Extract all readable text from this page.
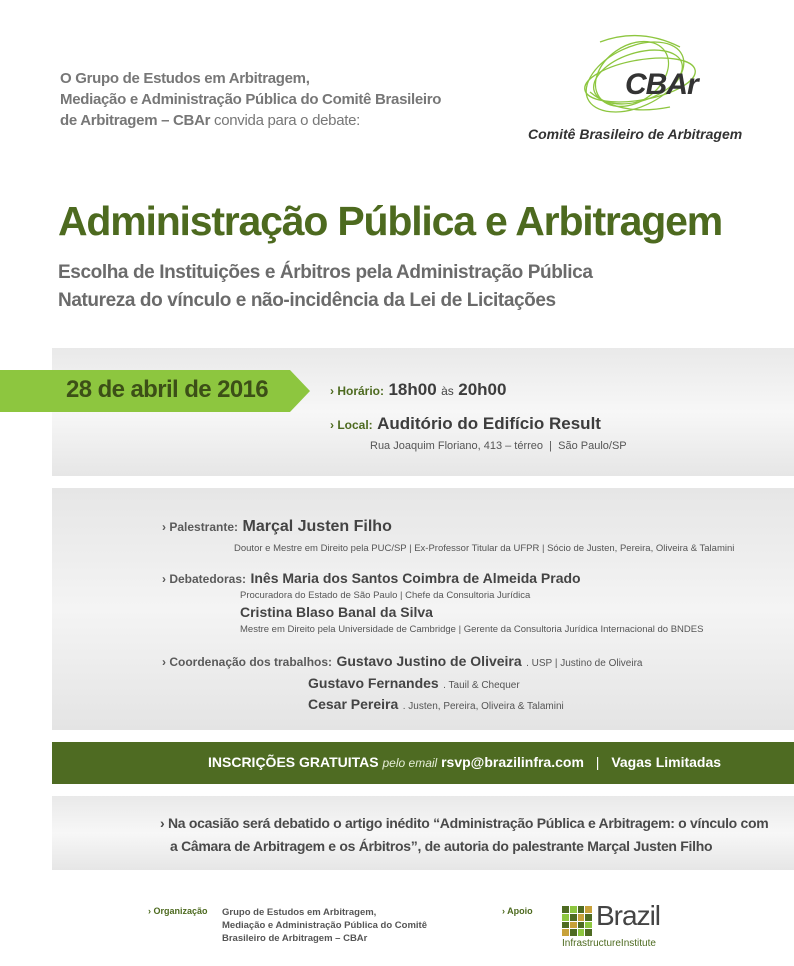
O Grupo de Estudos em Arbitragem,
Mediação e Administração Pública do Comitê Brasileiro
de Arbitragem – CBAr convida para o debate:
CBAr
Comitê Brasileiro de Arbitragem
Administração Pública e Arbitragem
Escolha de Instituições e Árbitros pela Administração Pública
Natureza do vínculo e não-incidência da Lei de Licitações
28 de abril de 2016	› Horário: 18h00 às 20h00
› Local: Auditório do Edifício Result
Rua Joaquim Floriano, 413 – térreo  |  São Paulo/SP
› Palestrante: Marçal Justen Filho
Doutor e Mestre em Direito pela PUC/SP | Ex-Professor Titular da UFPR | Sócio de Justen, Pereira, Oliveira & Talamini
› Debatedoras: Inês Maria dos Santos Coimbra de Almeida Prado
Procuradora do Estado de São Paulo | Chefe da Consultoria Jurídica
Cristina Blaso Banal da Silva
Mestre em Direito pela Universidade de Cambridge | Gerente da Consultoria Jurídica Internacional do BNDES
› Coordenação dos trabalhos: Gustavo Justino de Oliveira . USP | Justino de Oliveira
Gustavo Fernandes . Tauil & Chequer
Cesar Pereira . Justen, Pereira, Oliveira & Talamini
INSCRIÇÕES GRATUITAS pelo email rsvp@brazilinfra.com | Vagas Limitadas
› Na ocasião será debatido o artigo inédito “Administração Pública e Arbitragem: o vínculo com
a Câmara de Arbitragem e os Árbitros”, de autoria do palestrante Marçal Justen Filho
› Organização Grupo de Estudos em Arbitragem,
Mediação e Administração Pública do Comitê
Brasileiro de Arbitragem – CBAr
› Apoio Brazil
InfrastructureInstitute
